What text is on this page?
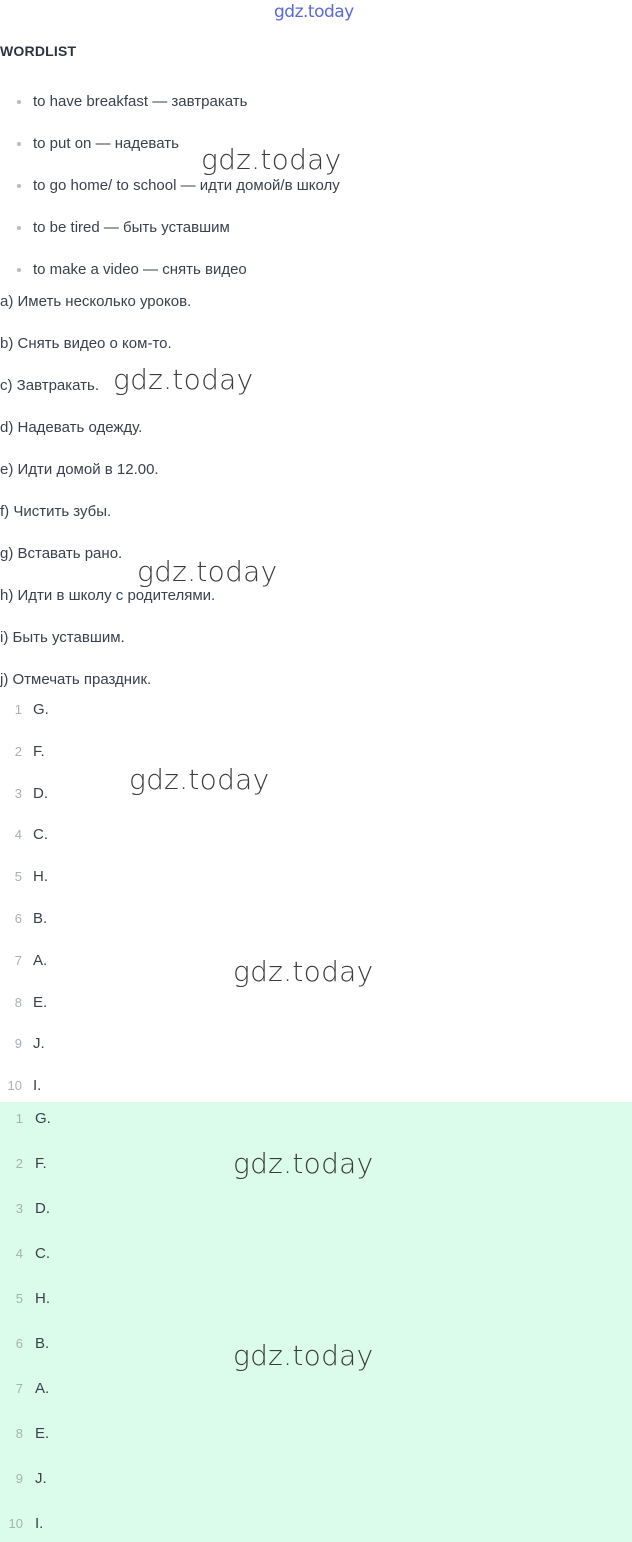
gdz.today
WORDLIST
to have breakfast — завтракать
to put on — надевать
to go home/ to school — идти домой/в школу
to be tired — быть уставшим
to make a video — снять видео
a) Иметь несколько уроков.
b) Снять видео о ком-то.
c) Завтракать.
d) Надевать одежду.
e) Идти домой в 12.00.
f) Чистить зубы.
g) Вставать рано.
h) Идти в школу с родителями.
i) Быть уставшим.
j) Отмечать праздник.
1 G.
2 F.
3 D.
4 C.
5 H.
6 B.
7 A.
8 E.
9 J.
10 I.
1 G.
2 F.
3 D.
4 C.
5 H.
6 B.
7 A.
8 E.
9 J.
10 I.
gdz.today
gdz.today
gdz.today
gdz.today
gdz.today
gdz.today
gdz.today
